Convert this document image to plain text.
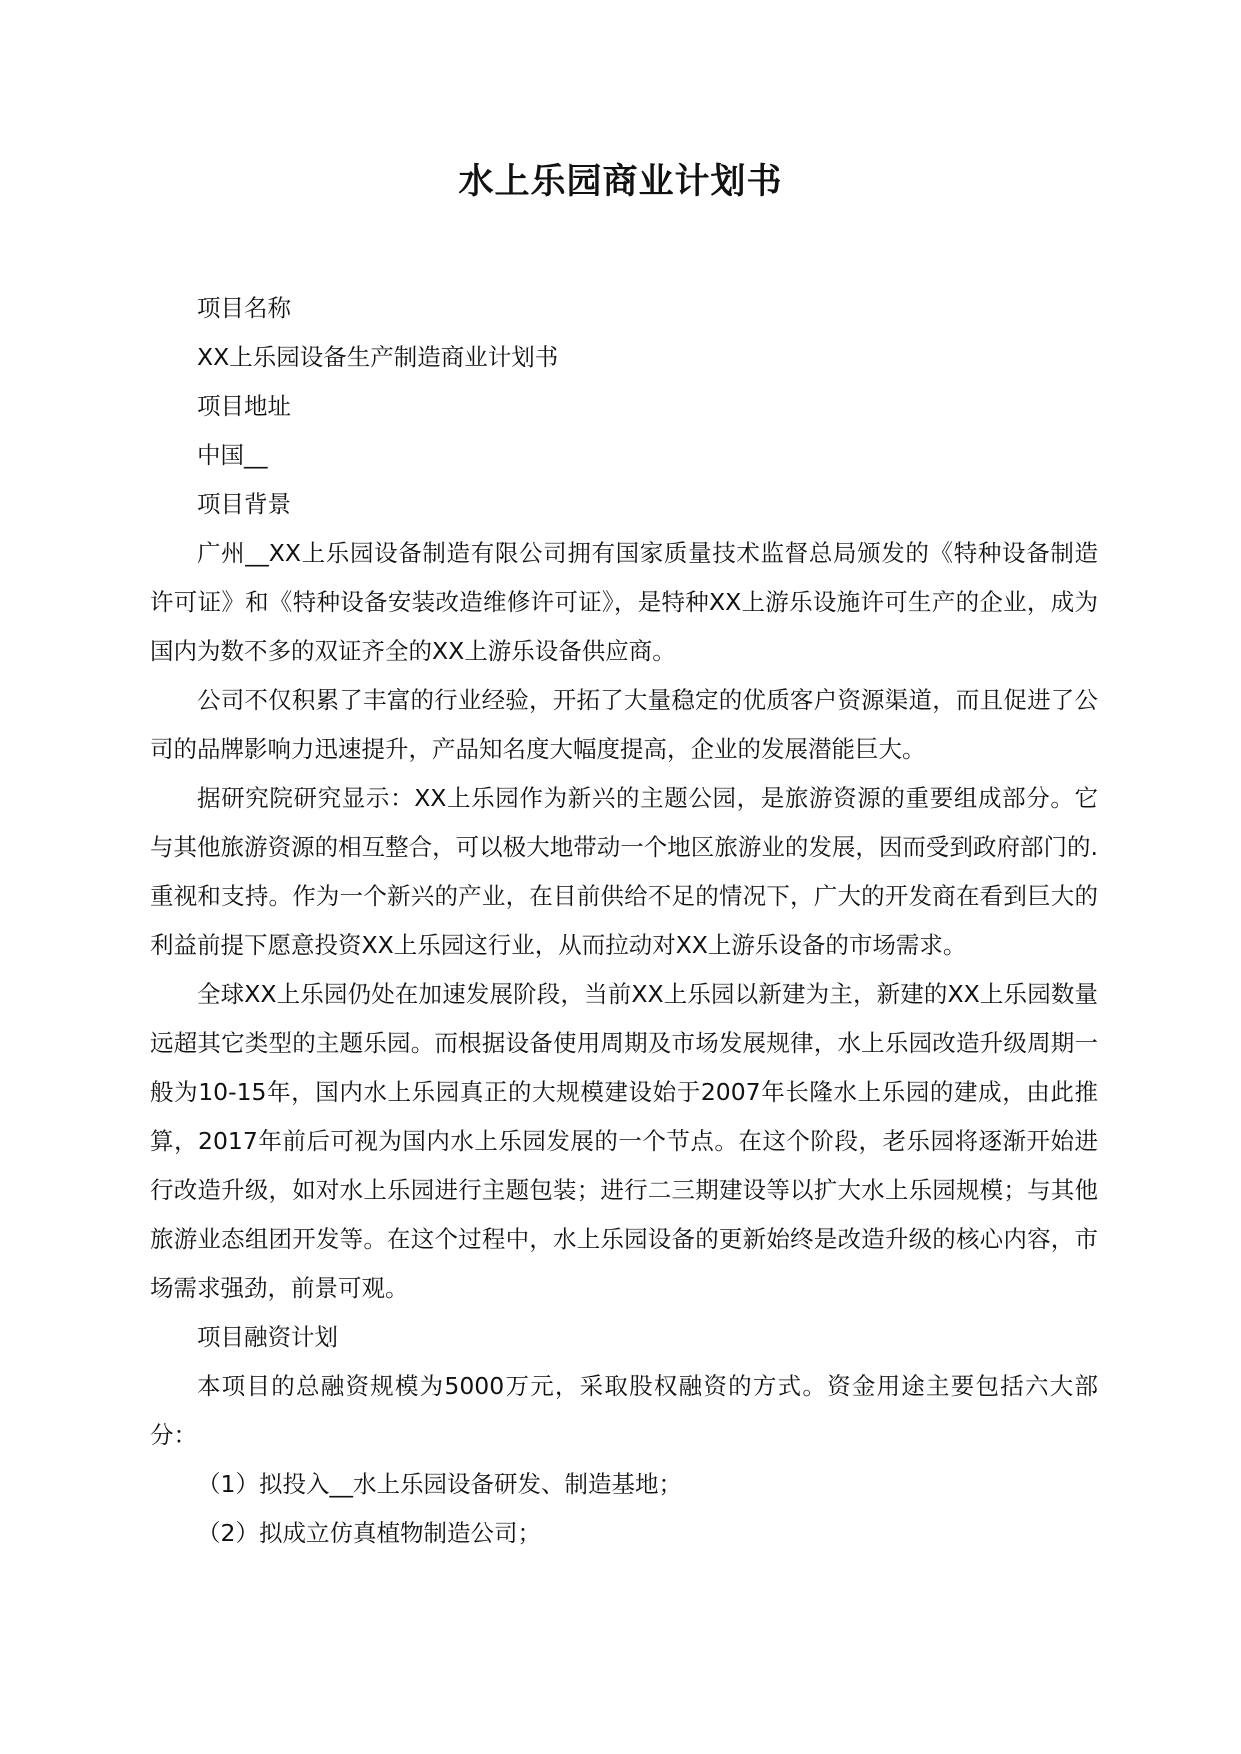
水上乐园商业计划书

项目名称

XX上乐园设备生产制造商业计划书

项目地址

中国__

项目背景

广州__XX上乐园设备制造有限公司拥有国家质量技术监督总局颁发的《特种设备制造许可证》和《特种设备安装改造维修许可证》，是特种XX上游乐设施许可生产的企业，成为国内为数不多的双证齐全的XX上游乐设备供应商。

公司不仅积累了丰富的行业经验，开拓了大量稳定的优质客户资源渠道，而且促进了公司的品牌影响力迅速提升，产品知名度大幅度提高，企业的发展潜能巨大。

据研究院研究显示：XX上乐园作为新兴的主题公园，是旅游资源的重要组成部分。它与其他旅游资源的相互整合，可以极大地带动一个地区旅游业的发展，因而受到政府部门的.重视和支持。作为一个新兴的产业，在目前供给不足的情况下，广大的开发商在看到巨大的利益前提下愿意投资XX上乐园这行业，从而拉动对XX上游乐设备的市场需求。

全球XX上乐园仍处在加速发展阶段，当前XX上乐园以新建为主，新建的XX上乐园数量远超其它类型的主题乐园。而根据设备使用周期及市场发展规律，水上乐园改造升级周期一般为10-15年，国内水上乐园真正的大规模建设始于2007年长隆水上乐园的建成，由此推算，2017年前后可视为国内水上乐园发展的一个节点。在这个阶段，老乐园将逐渐开始进行改造升级，如对水上乐园进行主题包装；进行二三期建设等以扩大水上乐园规模；与其他旅游业态组团开发等。在这个过程中，水上乐园设备的更新始终是改造升级的核心内容，市场需求强劲，前景可观。

项目融资计划

本项目的总融资规模为5000万元，采取股权融资的方式。资金用途主要包括六大部分：

（1）拟投入__水上乐园设备研发、制造基地；

（2）拟成立仿真植物制造公司；
